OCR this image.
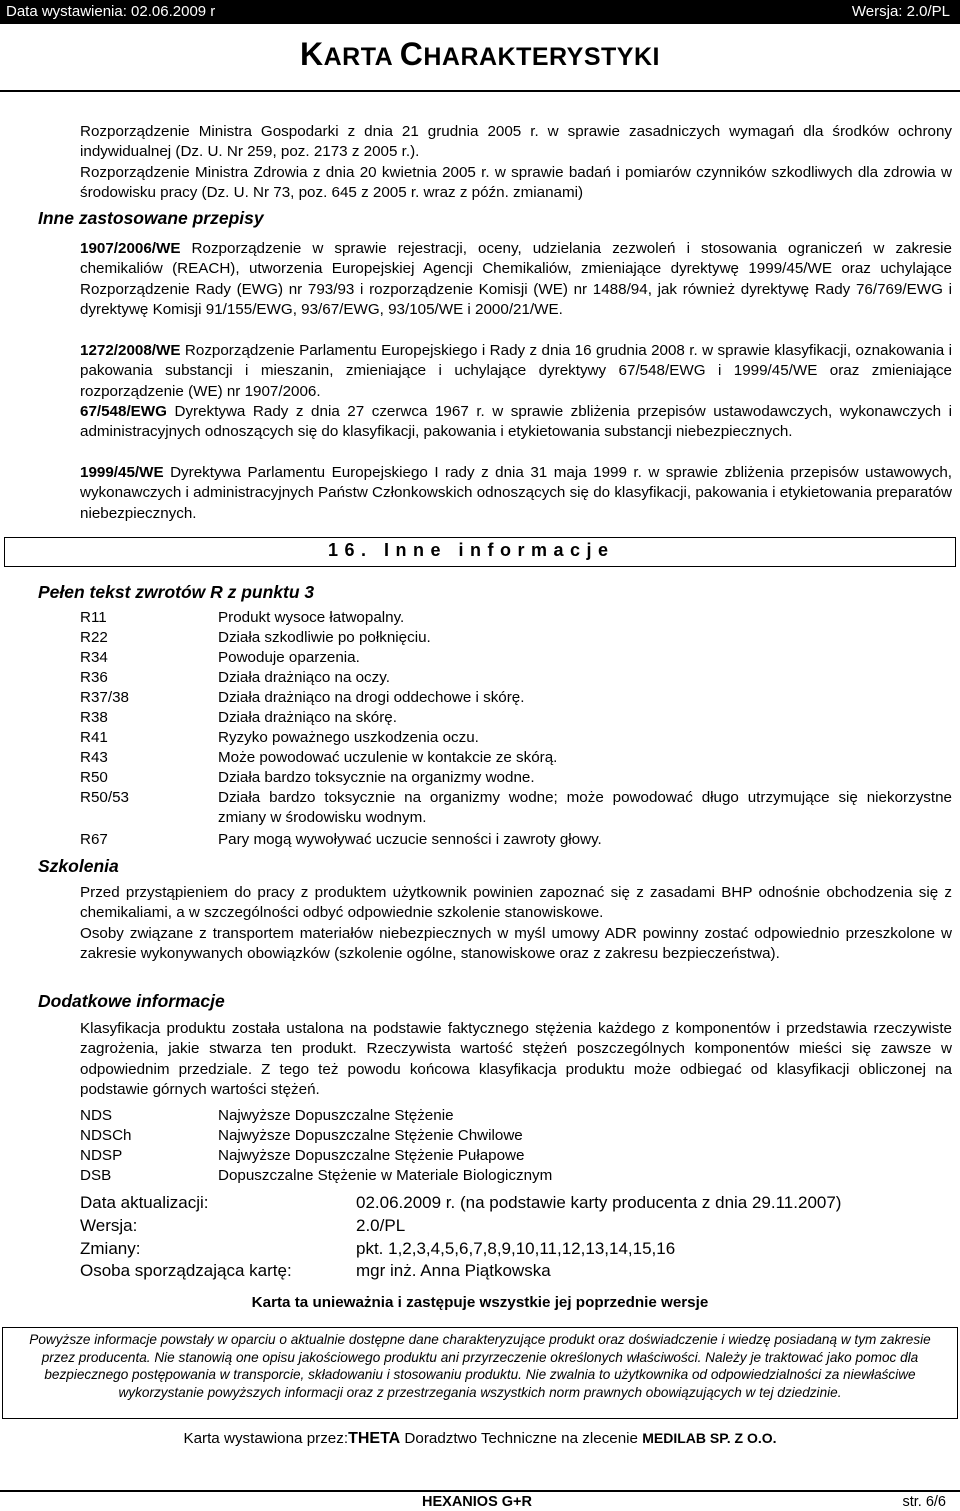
Data wystawienia: 02.06.2009 r	Wersja: 2.0/PL
KARTA CHARAKTERYSTYKI
Rozporządzenie Ministra Gospodarki z dnia 21 grudnia 2005 r. w sprawie zasadniczych wymagań dla środków ochrony indywidualnej (Dz. U. Nr 259, poz. 2173 z 2005 r.).
Rozporządzenie Ministra Zdrowia z dnia 20 kwietnia 2005 r. w sprawie badań i pomiarów czynników szkodliwych dla zdrowia w środowisku pracy (Dz. U. Nr 73, poz. 645 z 2005 r. wraz z późn. zmianami)
Inne zastosowane przepisy
1907/2006/WE Rozporządzenie w sprawie rejestracji, oceny, udzielania zezwoleń i stosowania ograniczeń w zakresie chemikaliów (REACH), utworzenia Europejskiej Agencji Chemikaliów, zmieniające dyrektywę 1999/45/WE oraz uchylające Rozporządzenie Rady (EWG) nr 793/93 i rozporządzenie Komisji (WE) nr 1488/94, jak również dyrektywę Rady 76/769/EWG i dyrektywę Komisji 91/155/EWG, 93/67/EWG, 93/105/WE i 2000/21/WE.
1272/2008/WE Rozporządzenie Parlamentu Europejskiego i Rady z dnia 16 grudnia 2008 r. w sprawie klasyfikacji, oznakowania i pakowania substancji i mieszanin, zmieniające i uchylające dyrektywy 67/548/EWG i 1999/45/WE oraz zmieniające rozporządzenie (WE) nr 1907/2006.
67/548/EWG Dyrektywa Rady z dnia 27 czerwca 1967 r. w sprawie zbliżenia przepisów ustawodawczych, wykonawczych i administracyjnych odnoszących się do klasyfikacji, pakowania i etykietowania substancji niebezpiecznych.
1999/45/WE Dyrektywa Parlamentu Europejskiego I rady z dnia 31 maja 1999 r. w sprawie zbliżenia przepisów ustawowych, wykonawczych i administracyjnych Państw Członkowskich odnoszących się do klasyfikacji, pakowania i etykietowania preparatów niebezpiecznych.
16. Inne informacje
Pełen tekst zwrotów R z punktu 3
R11	Produkt wysoce łatwopalny.
R22	Działa szkodliwie po połknięciu.
R34	Powoduje oparzenia.
R36	Działa drażniąco na oczy.
R37/38	Działa drażniąco na drogi oddechowe i skórę.
R38	Działa drażniąco na skórę.
R41	Ryzyko poważnego uszkodzenia oczu.
R43	Może powodować uczulenie w kontakcie ze skórą.
R50	Działa bardzo toksycznie na organizmy wodne.
R50/53	Działa bardzo toksycznie na organizmy wodne; może powodować długo utrzymujące się niekorzystne zmiany w środowisku wodnym.
R67	Pary mogą wywoływać uczucie senności i zawroty głowy.
Szkolenia
Przed przystąpieniem do pracy z produktem użytkownik powinien zapoznać się z zasadami BHP odnośnie obchodzenia się z chemikaliami, a w szczególności odbyć odpowiednie szkolenie stanowiskowe.
Osoby związane z transportem materiałów niebezpiecznych w myśl umowy ADR powinny zostać odpowiednio przeszkolone w zakresie wykonywanych obowiązków (szkolenie ogólne, stanowiskowe oraz z zakresu bezpieczeństwa).
Dodatkowe informacje
Klasyfikacja produktu została ustalona na podstawie faktycznego stężenia każdego z komponentów i przedstawia rzeczywiste zagrożenia, jakie stwarza ten produkt. Rzeczywista wartość stężeń poszczególnych komponentów mieści się zawsze w odpowiednim przedziale. Z tego też powodu końcowa klasyfikacja produktu może odbiegać od klasyfikacji obliczonej na podstawie górnych wartości stężeń.
NDS	Najwyższe Dopuszczalne Stężenie
NDSCh	Najwyższe Dopuszczalne Stężenie Chwilowe
NDSP	Najwyższe Dopuszczalne Stężenie Pułapowe
DSB	Dopuszczalne Stężenie w Materiale Biologicznym
Data aktualizacji:	02.06.2009 r. (na podstawie karty producenta z dnia 29.11.2007)
Wersja:	2.0/PL
Zmiany:	pkt. 1,2,3,4,5,6,7,8,9,10,11,12,13,14,15,16
Osoba sporządzająca kartę:	mgr inż. Anna Piątkowska
Karta ta unieważnia i zastępuje wszystkie jej poprzednie wersje
Powyższe informacje powstały w oparciu o aktualnie dostępne dane charakteryzujące produkt oraz doświadczenie i wiedzę posiadaną w tym zakresie przez producenta. Nie stanowią one opisu jakościowego produktu ani przyrzeczenie określonych właściwości. Należy je traktować jako pomoc dla bezpiecznego postępowania w transporcie, składowaniu i stosowaniu produktu. Nie zwalnia to użytkownika od odpowiedzialności za niewłaściwe wykorzystanie powyższych informacji oraz z przestrzegania wszystkich norm prawnych obowiązujących w tej dziedzinie.
Karta wystawiona przez:THETA Doradztwo Techniczne na zlecenie MEDILAB SP. Z O.O.
HEXANIOS G+R	str. 6/6
